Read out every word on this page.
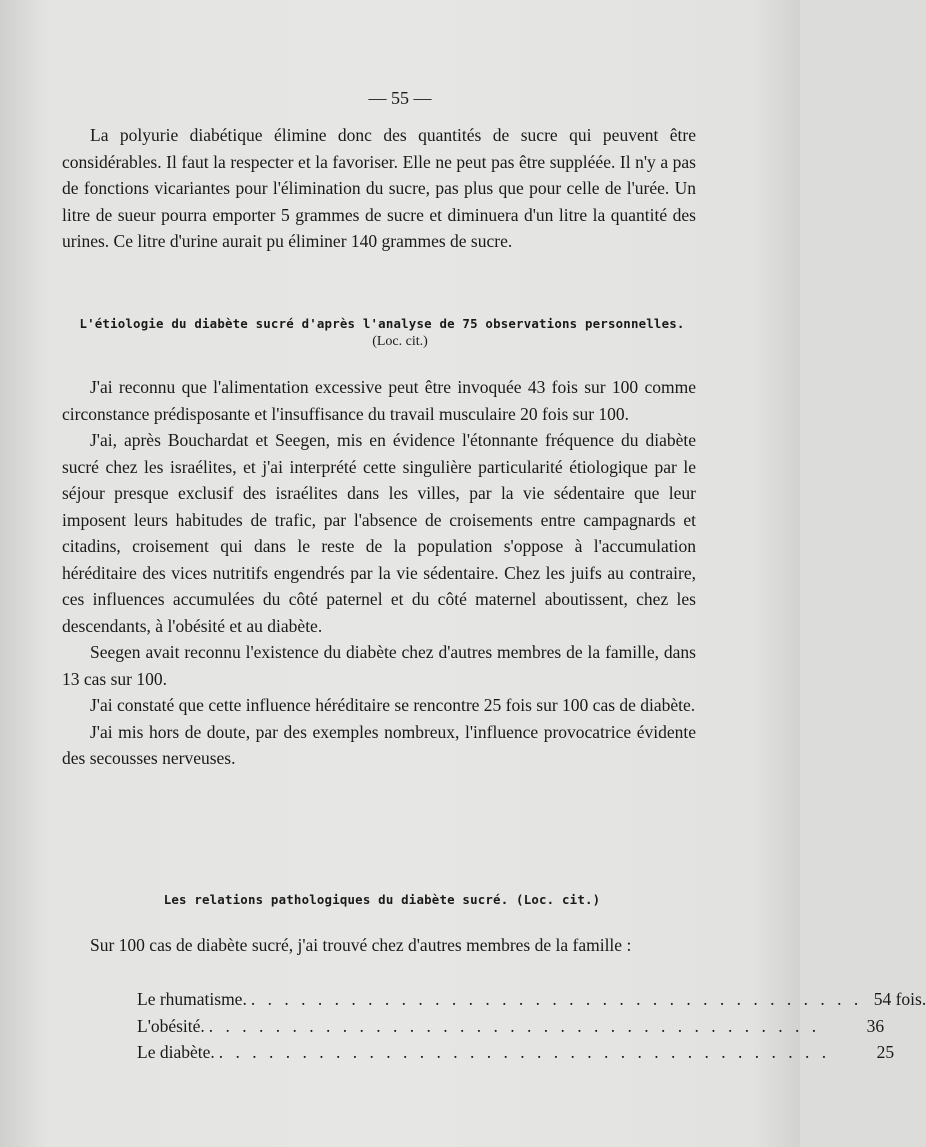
— 55 —

La polyurie diabétique élimine donc des quantités de sucre qui peuvent être considérables. Il faut la respecter et la favoriser. Elle ne peut pas être suppléée. Il n'y a pas de fonctions vicariantes pour l'élimination du sucre, pas plus que pour celle de l'urée. Un litre de sueur pourra emporter 5 grammes de sucre et diminuera d'un litre la quantité des urines. Ce litre d'urine aurait pu éliminer 140 grammes de sucre.

L'étiologie du diabète sucré d'après l'analyse de 75 observations personnelles.
(Loc. cit.)

J'ai reconnu que l'alimentation excessive peut être invoquée 43 fois sur 100 comme circonstance prédisposante et l'insuffisance du travail musculaire 20 fois sur 100.

J'ai, après Bouchardat et Seegen, mis en évidence l'étonnante fréquence du diabète sucré chez les israélites, et j'ai interprété cette singulière particularité étiologique par le séjour presque exclusif des israélites dans les villes, par la vie sédentaire que leur imposent leurs habitudes de trafic, par l'absence de croisements entre campagnards et citadins, croisement qui dans le reste de la population s'oppose à l'accumulation héréditaire des vices nutritifs engendrés par la vie sédentaire. Chez les juifs au contraire, ces influences accumulées du côté paternel et du côté maternel aboutissent, chez les descendants, à l'obésité et au diabète.

Seegen avait reconnu l'existence du diabète chez d'autres membres de la famille, dans 13 cas sur 100.

J'ai constaté que cette influence héréditaire se rencontre 25 fois sur 100 cas de diabète.

J'ai mis hors de doute, par des exemples nombreux, l'influence provocatrice évidente des secousses nerveuses.

Les relations pathologiques du diabète sucré. (Loc. cit.)

Sur 100 cas de diabète sucré, j'ai trouvé chez d'autres membres de la famille :

Le rhumatisme. . . . . . . . . . . . . . . . . . . . . . . . . . . . . . . . . . . . . . 54 fois.
L'obésité. . . . . . . . . . . . . . . . . . . . . . . . . . . . . . . . . . . . . .	36
Le diabète. . . . . . . . . . . . . . . . . . . . . . . . . . . . . . . . . . . . . .	25
